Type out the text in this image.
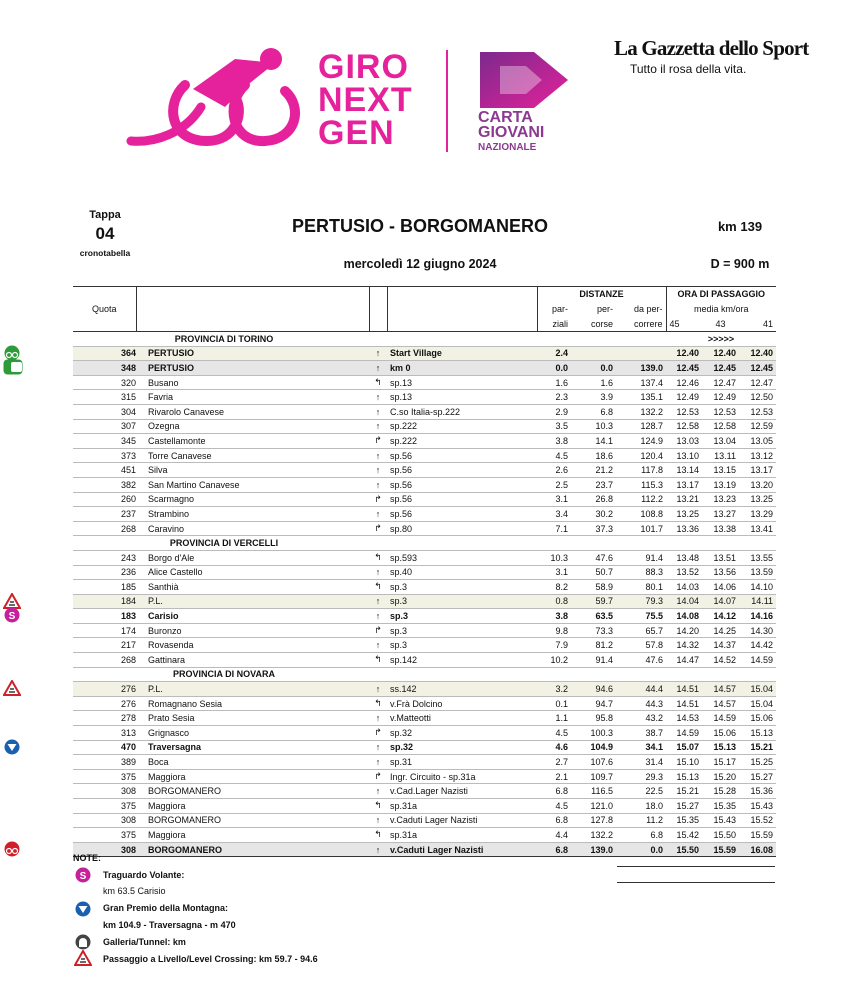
GIRO
NEXT
GEN	CARTA
GIOVANI
NAZIONALE
La Gazzetta dello Sport
Tutto il rosa della vita.
Tappa
04
cronotabella
PERTUSIO - BORGOMANERO	km 139
mercoledì 12 giugno 2024	D = 900 m
				DISTANZE			ORA DI PASSAGGIO		
Quota				par-	per-	da per-	media km/ora		
				ziali	corse	correre	45	43	41
	PROVINCIA DI TORINO						>>>>>		

364	PERTUSIO	↑	Start Village	2.4			12.40	12.40	12.40

348	PERTUSIO	↑	km 0	0.0	0.0	139.0	12.45	12.45	12.45
320	Busano	↰	sp.13	1.6	1.6	137.4	12.46	12.47	12.47
315	Favria	↑	sp.13	2.3	3.9	135.1	12.49	12.49	12.50
304	Rivarolo Canavese	↑	C.so Italia-sp.222	2.9	6.8	132.2	12.53	12.53	12.53
307	Ozegna	↑	sp.222	3.5	10.3	128.7	12.58	12.58	12.59
345	Castellamonte	↱	sp.222	3.8	14.1	124.9	13.03	13.04	13.05
373	Torre Canavese	↑	sp.56	4.5	18.6	120.4	13.10	13.11	13.12
451	Silva	↑	sp.56	2.6	21.2	117.8	13.14	13.15	13.17
382	San Martino Canavese	↑	sp.56	2.5	23.7	115.3	13.17	13.19	13.20
260	Scarmagno	↱	sp.56	3.1	26.8	112.2	13.21	13.23	13.25
237	Strambino	↑	sp.56	3.4	30.2	108.8	13.25	13.27	13.29
268	Caravino	↱	sp.80	7.1	37.3	101.7	13.36	13.38	13.41
	PROVINCIA DI VERCELLI								
243	Borgo d'Ale	↰	sp.593	10.3	47.6	91.4	13.48	13.51	13.55
236	Alice Castello	↑	sp.40	3.1	50.7	88.3	13.52	13.56	13.59
185	Santhià	↰	sp.3	8.2	58.9	80.1	14.03	14.06	14.10

184	P.L.	↑	sp.3	0.8	59.7	79.3	14.04	14.07	14.11

S 183	Carisio	↑	sp.3	3.8	63.5	75.5	14.08	14.12	14.16
174	Buronzo	↱	sp.3	9.8	73.3	65.7	14.20	14.25	14.30
217	Rovasenda	↑	sp.3	7.9	81.2	57.8	14.32	14.37	14.42
268	Gattinara	↰	sp.142	10.2	91.4	47.6	14.47	14.52	14.59
	PROVINCIA DI NOVARA								

276	P.L.	↑	ss.142	3.2	94.6	44.4	14.51	14.57	15.04
276	Romagnano Sesia	↰	v.Frà Dolcino	0.1	94.7	44.3	14.51	14.57	15.04
278	Prato Sesia	↑	v.Matteotti	1.1	95.8	43.2	14.53	14.59	15.06
313	Grignasco	↱	sp.32	4.5	100.3	38.7	14.59	15.06	15.13

470	Traversagna	↑	sp.32	4.6	104.9	34.1	15.07	15.13	15.21
389	Boca	↑	sp.31	2.7	107.6	31.4	15.10	15.17	15.25
375	Maggiora	↱	Ingr. Circuito - sp.31a	2.1	109.7	29.3	15.13	15.20	15.27
308	BORGOMANERO	↑	v.Cad.Lager Nazisti	6.8	116.5	22.5	15.21	15.28	15.36
375	Maggiora	↰	sp.31a	4.5	121.0	18.0	15.27	15.35	15.43
308	BORGOMANERO	↑	v.Caduti Lager Nazisti	6.8	127.8	11.2	15.35	15.43	15.52
375	Maggiora	↰	sp.31a	4.4	132.2	6.8	15.42	15.50	15.59

308	BORGOMANERO	↑	v.Caduti Lager Nazisti	6.8	139.0	0.0	15.50	15.59	16.08
NOTE:
S Traguardo Volante:
km 63.5 Carisio
Gran Premio della Montagna:
km 104.9 - Traversagna - m 470
Galleria/Tunnel: km
Passaggio a Livello/Level Crossing: km 59.7 - 94.6
